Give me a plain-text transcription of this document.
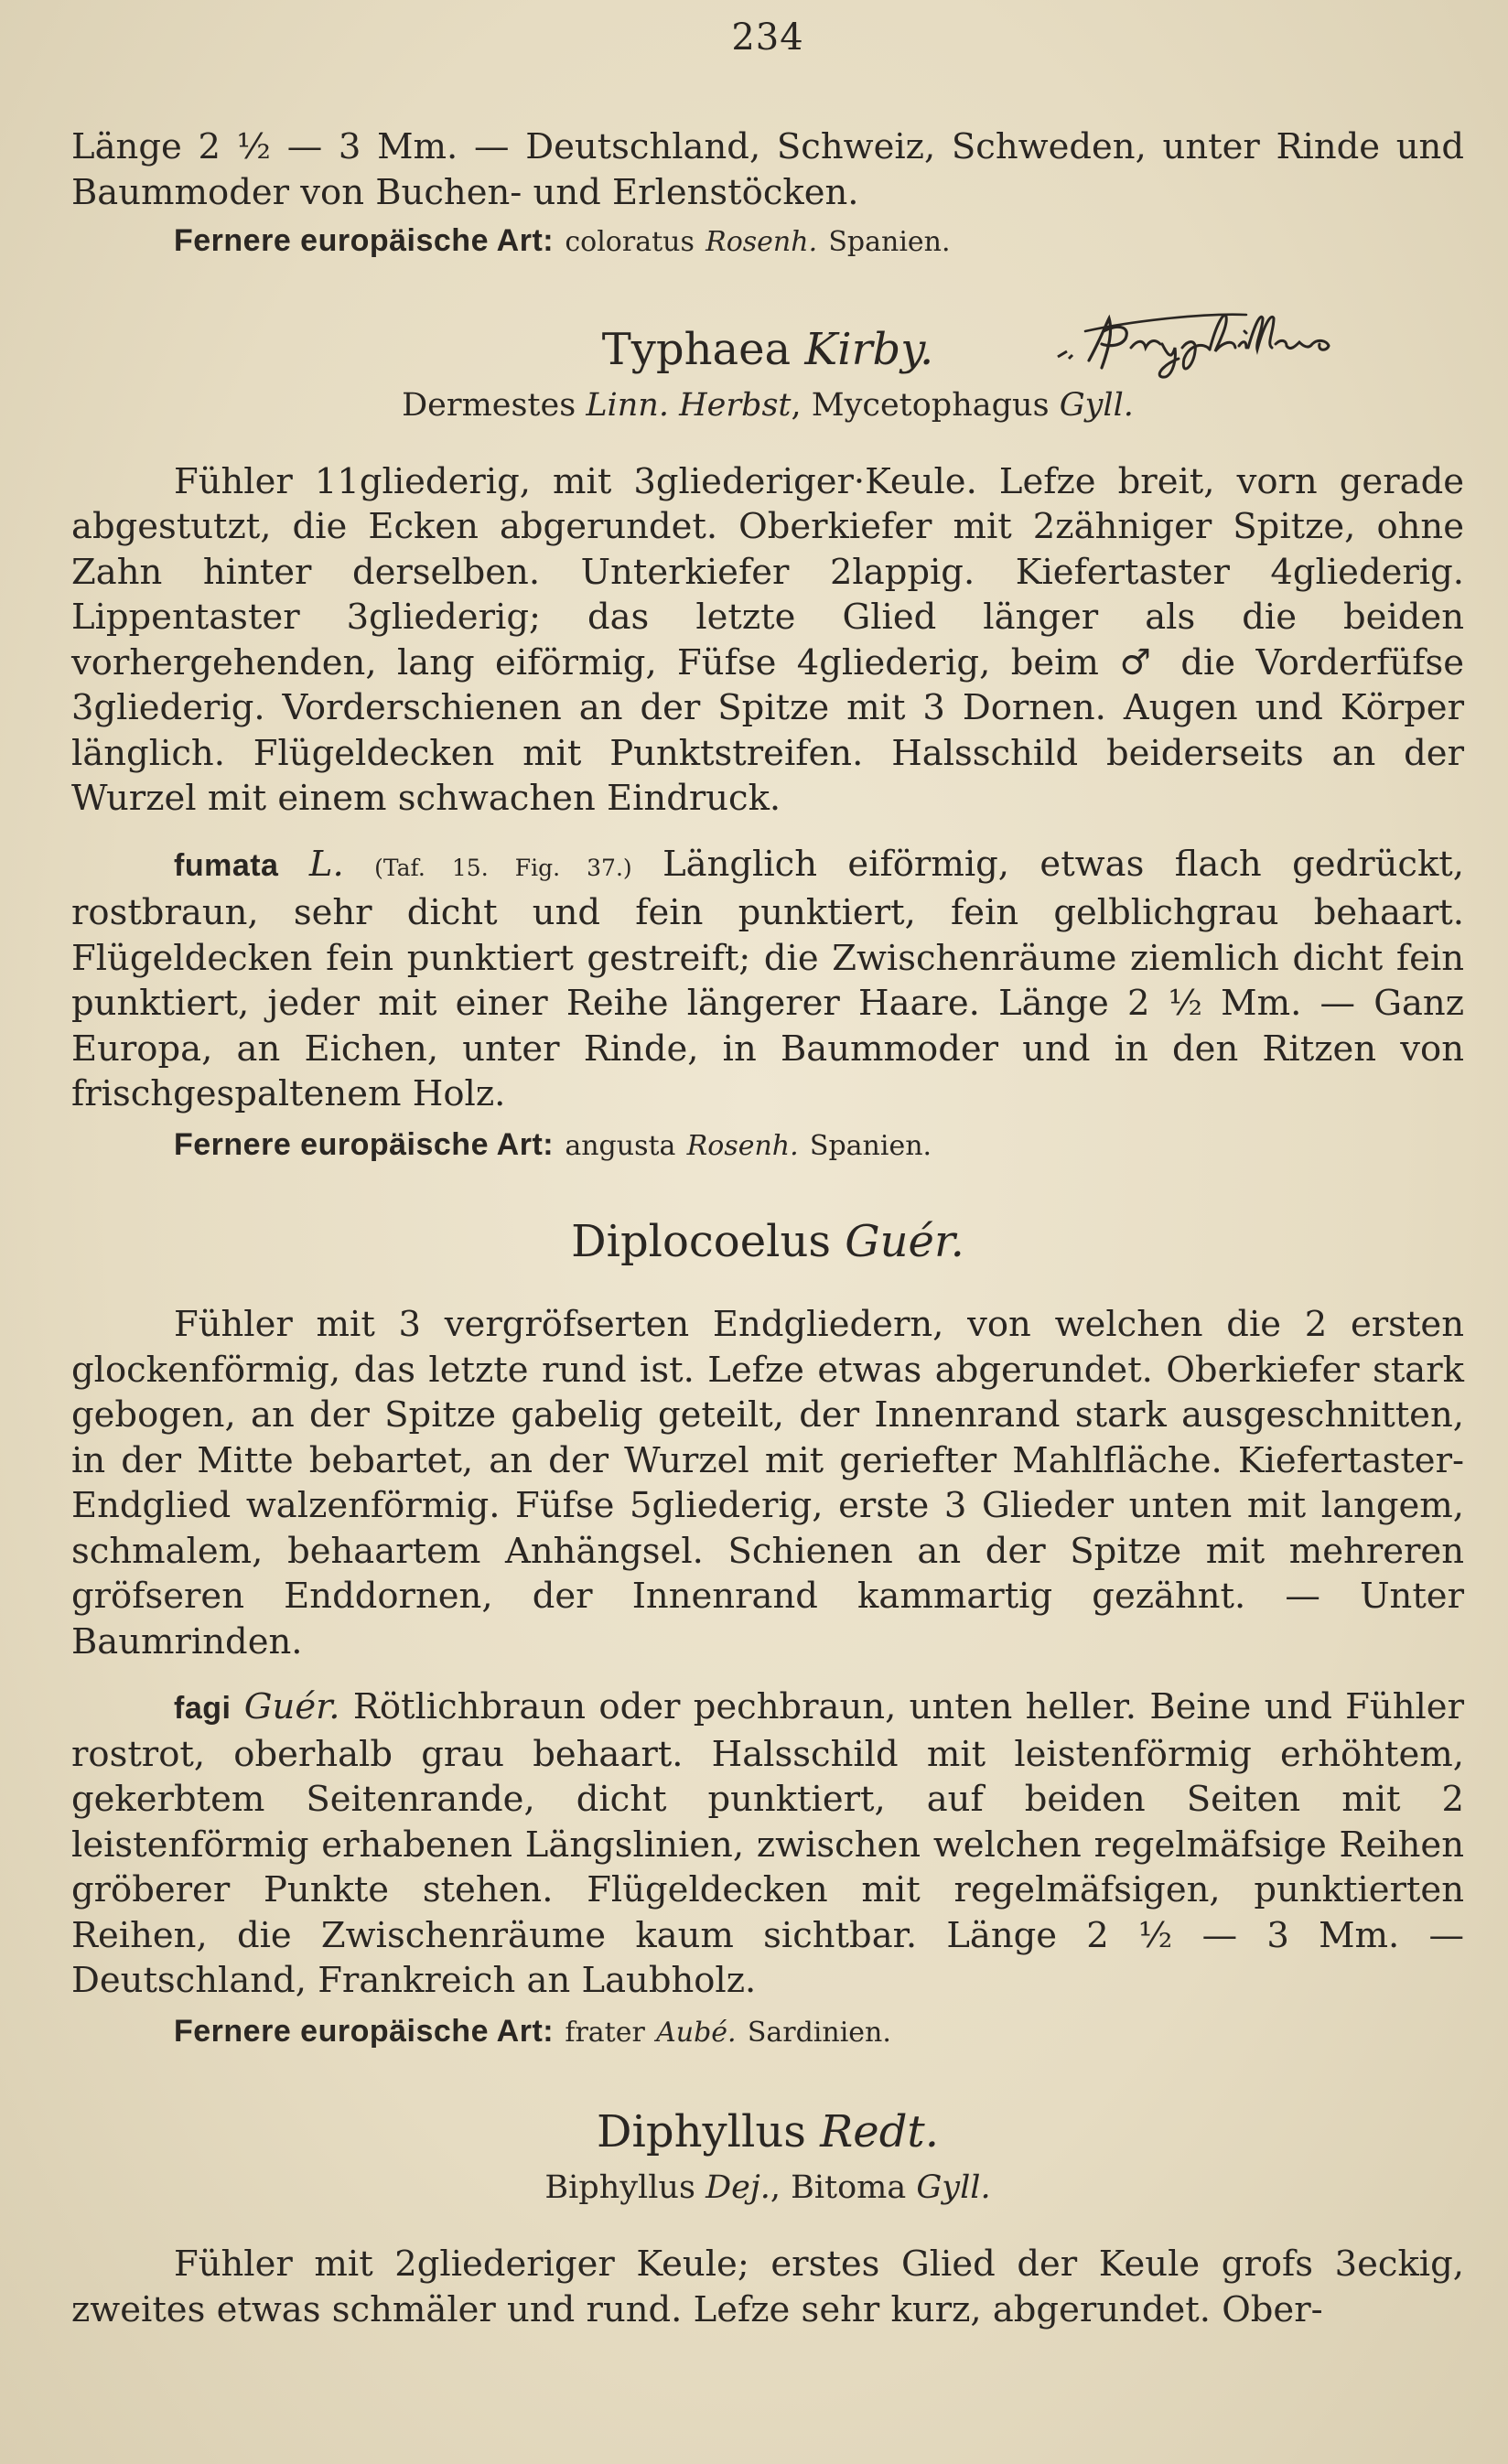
234

Länge 2 ½ — 3 Mm. — Deutschland, Schweiz, Schweden, unter Rinde und Baummoder von Buchen- und Erlenstöcken.

Fernere europäische Art: coloratus Rosenh. Spanien.

Typhaea Kirby.

Dermestes Linn. Herbst, Mycetophagus Gyll.

Fühler 11gliederig, mit 3gliederiger·Keule. Lefze breit, vorn gerade abgestutzt, die Ecken abgerundet. Oberkiefer mit 2zähniger Spitze, ohne Zahn hinter derselben. Unterkiefer 2lappig. Kiefertaster 4gliederig. Lippentaster 3gliederig; das letzte Glied länger als die beiden vorhergehenden, lang eiförmig, Füfse 4gliederig, beim ♂ die Vorderfüfse 3gliederig. Vorderschienen an der Spitze mit 3 Dornen. Augen und Körper länglich. Flügeldecken mit Punktstreifen. Halsschild beiderseits an der Wurzel mit einem schwachen Eindruck.

fumata L. (Taf. 15. Fig. 37.) Länglich eiförmig, etwas flach gedrückt, rostbraun, sehr dicht und fein punktiert, fein gelblichgrau behaart. Flügeldecken fein punktiert gestreift; die Zwischenräume ziemlich dicht fein punktiert, jeder mit einer Reihe längerer Haare. Länge 2 ½ Mm. — Ganz Europa, an Eichen, unter Rinde, in Baummoder und in den Ritzen von frischgespaltenem Holz.

Fernere europäische Art: angusta Rosenh. Spanien.

Diplocoelus Guér.

Fühler mit 3 vergröfserten Endgliedern, von welchen die 2 ersten glockenförmig, das letzte rund ist. Lefze etwas abgerundet. Oberkiefer stark gebogen, an der Spitze gabelig geteilt, der Innenrand stark ausgeschnitten, in der Mitte bebartet, an der Wurzel mit geriefter Mahlfläche. Kiefertaster-Endglied walzenförmig. Füfse 5gliederig, erste 3 Glieder unten mit langem, schmalem, behaartem Anhängsel. Schienen an der Spitze mit mehreren gröfseren Enddornen, der Innenrand kammartig gezähnt. — Unter Baumrinden.

fagi Guér. Rötlichbraun oder pechbraun, unten heller. Beine und Fühler rostrot, oberhalb grau behaart. Halsschild mit leistenförmig erhöhtem, gekerbtem Seitenrande, dicht punktiert, auf beiden Seiten mit 2 leistenförmig erhabenen Längslinien, zwischen welchen regelmäfsige Reihen gröberer Punkte stehen. Flügeldecken mit regelmäfsigen, punktierten Reihen, die Zwischenräume kaum sichtbar. Länge 2 ½ — 3 Mm. — Deutschland, Frankreich an Laubholz.

Fernere europäische Art: frater Aubé. Sardinien.

Diphyllus Redt.

Biphyllus Dej., Bitoma Gyll.

Fühler mit 2gliederiger Keule; erstes Glied der Keule grofs 3eckig, zweites etwas schmäler und rund. Lefze sehr kurz, abgerundet. Ober-
